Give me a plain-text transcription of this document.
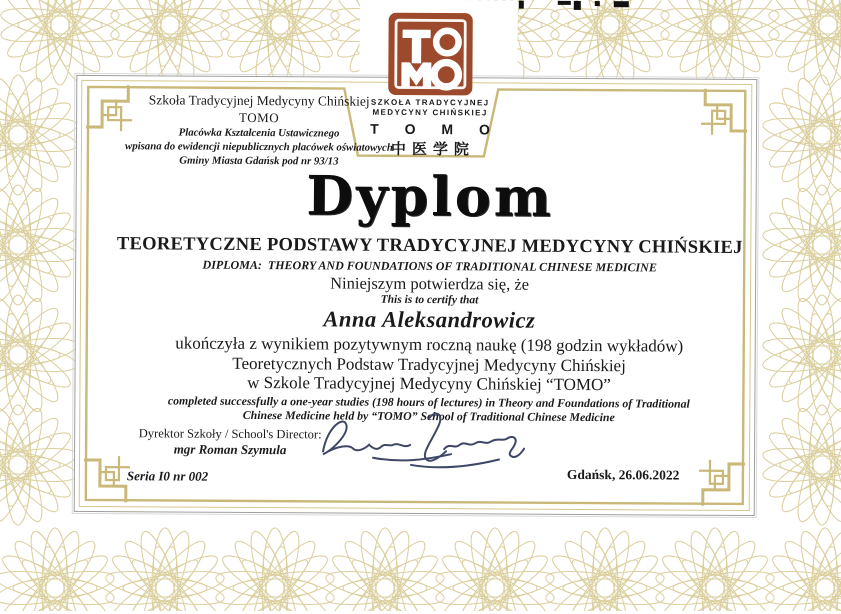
Szkoła Tradycyjnej Medycyny Chińskiej
TOMO
Placówka Kształcenia Ustawicznego
wpisana do ewidencji niepublicznych placówek oświatowych
Gminy Miasta Gdańsk pod nr 93/13
Dyplom
TEORETYCZNE PODSTAWY TRADYCYJNEJ MEDYCYNY CHIŃSKIEJ
DIPLOMA:  THEORY AND FOUNDATIONS OF TRADITIONAL CHINESE MEDICINE
Niniejszym potwierdza się, że
This is to certify that
Anna Aleksandrowicz
ukończyła z wynikiem pozytywnym roczną naukę (198 godzin wykładów)
Teoretycznych Podstaw Tradycyjnej Medycyny Chińskiej
w Szkole Tradycyjnej Medycyny Chińskiej “TOMO”
completed successfully a one-year studies (198 hours of lectures) in Theory and Foundations of Traditional
Chinese Medicine held by “TOMO” School of Traditional Chinese Medicine
Dyrektor Szkoły / School's Director:
mgr Roman Szymula
Seria I0 nr 002	Gdańsk, 26.06.2022
SZKOŁA TRADYCYJNEJ
MEDYCYNY CHIŃSKIEJ
T O M O
中医学院
